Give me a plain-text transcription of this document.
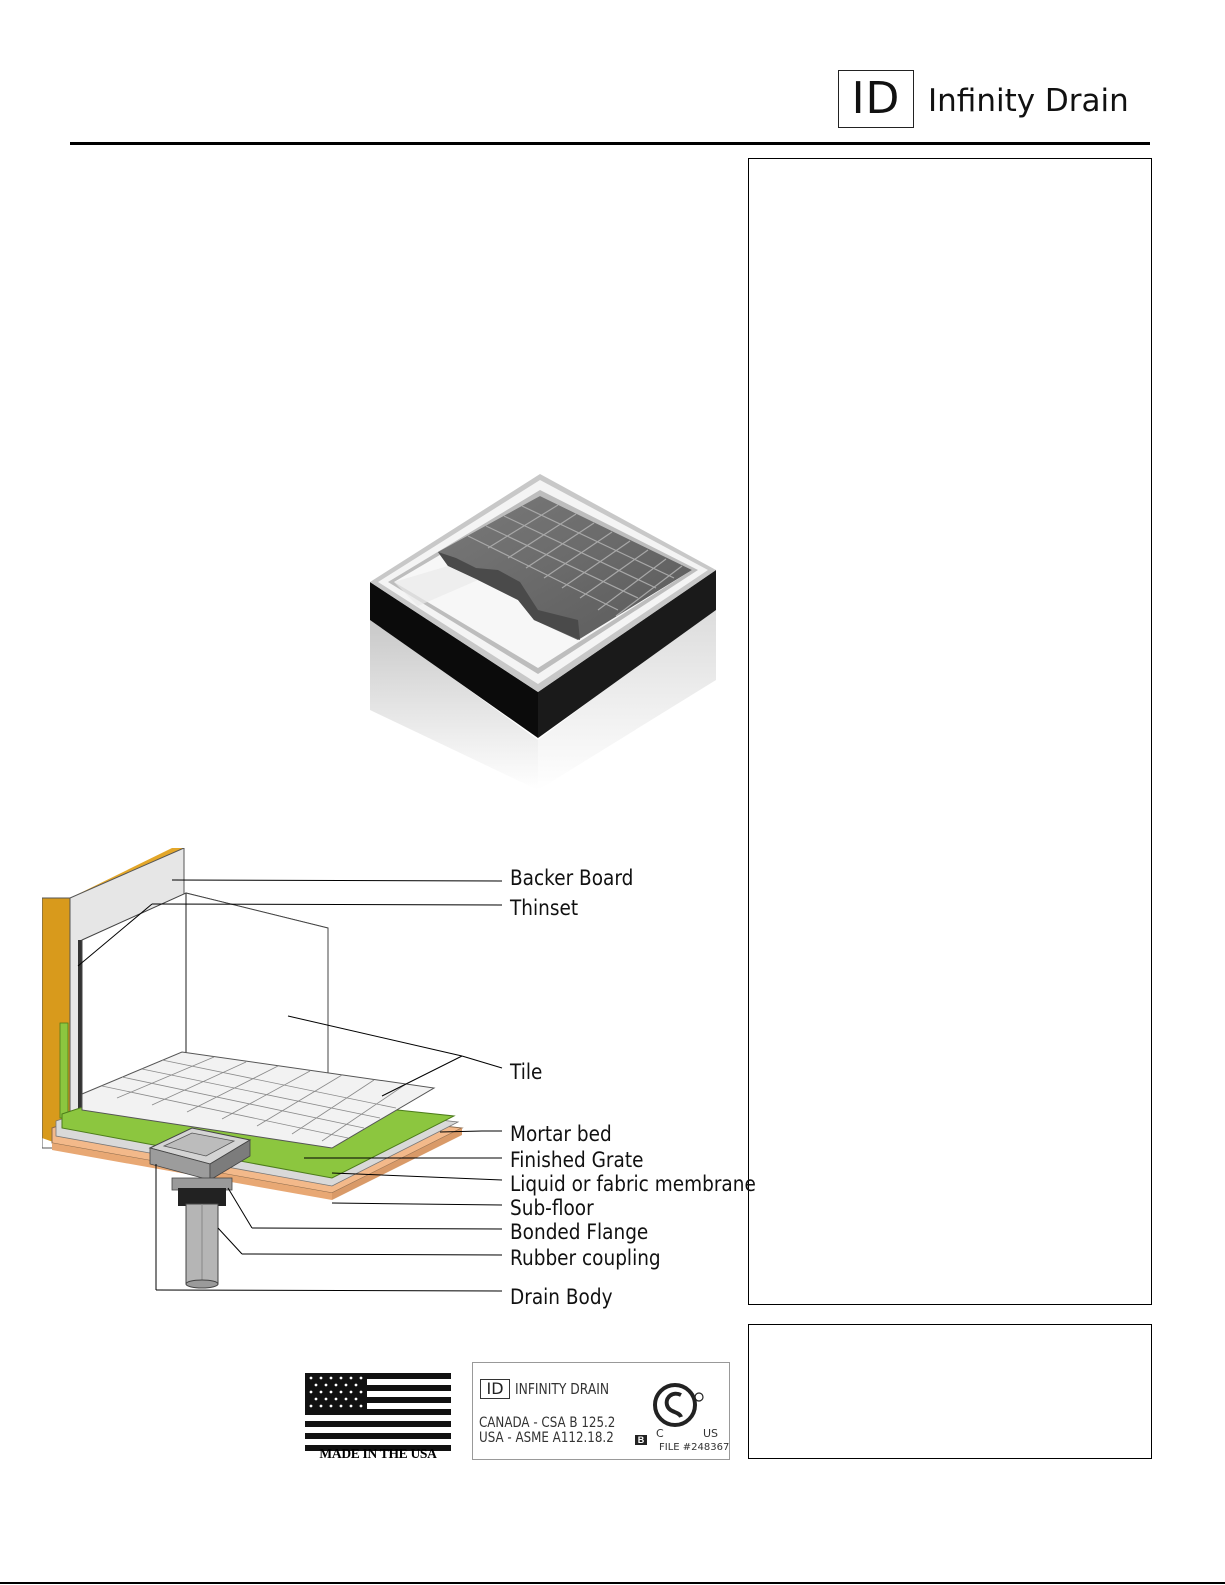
ID Infinity Drain
Backer Board
Thinset
Tile
Mortar bed
Finished Grate
Liquid or fabric membrane
Sub-floor
Bonded Flange
Rubber coupling
Drain Body
MADE IN THE USA
ID INFINITY DRAIN
CANADA - CSA B 125.2
USA - ASME A112.18.2	B C	US
FILE #248367
